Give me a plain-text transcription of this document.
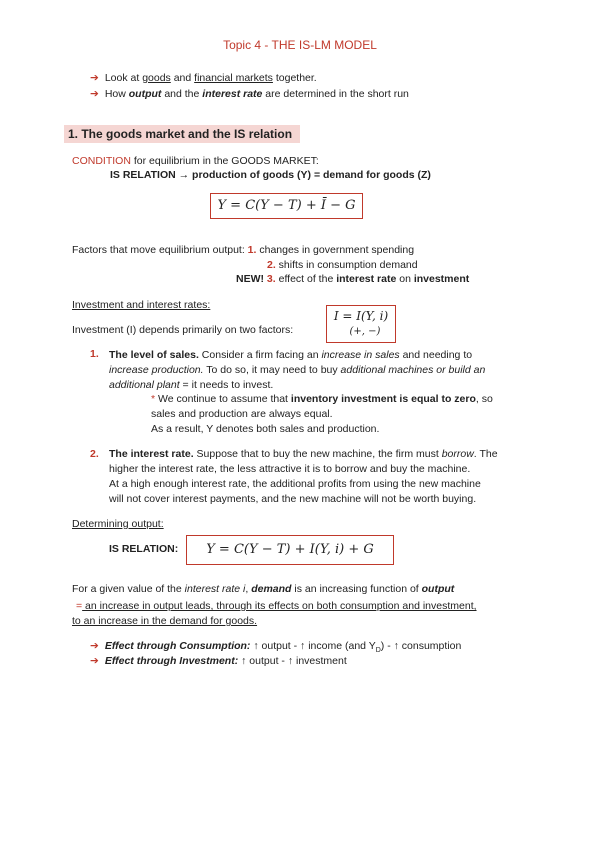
Topic 4 - THE IS-LM MODEL
➔ Look at goods and financial markets together.
➔ How output and the interest rate are determined in the short run
1. The goods market and the IS relation
CONDITION for equilibrium in the GOODS MARKET:
IS RELATION → production of goods (Y) = demand for goods (Z)
Y = C(Y − T) + Ī − G
Factors that move equilibrium output: 1. changes in government spending
2. shifts in consumption demand
NEW! 3. effect of the interest rate on investment
Investment and interest rates:
Investment (I) depends primarily on two factors:
I = I(Y, i)
(+, −)
1. The level of sales. Consider a firm facing an increase in sales and needing to
increase production. To do so, it may need to buy additional machines or build an
additional plant = it needs to invest.
* We continue to assume that inventory investment is equal to zero, so
sales and production are always equal.
As a result, Y denotes both sales and production.
2. The interest rate. Suppose that to buy the new machine, the firm must borrow. The
higher the interest rate, the less attractive it is to borrow and buy the machine.
At a high enough interest rate, the additional profits from using the new machine
will not cover interest payments, and the new machine will not be worth buying.
Determining output:
IS RELATION:	Y = C(Y − T) + I(Y, i) + G
For a given value of the interest rate i, demand is an increasing function of output
= an increase in output leads, through its effects on both consumption and investment,
to an increase in the demand for goods.
➔ Effect through Consumption: ↑ output - ↑ income (and $Y_D$) - ↑ consumption
➔ Effect through Investment: ↑ output - ↑ investment
